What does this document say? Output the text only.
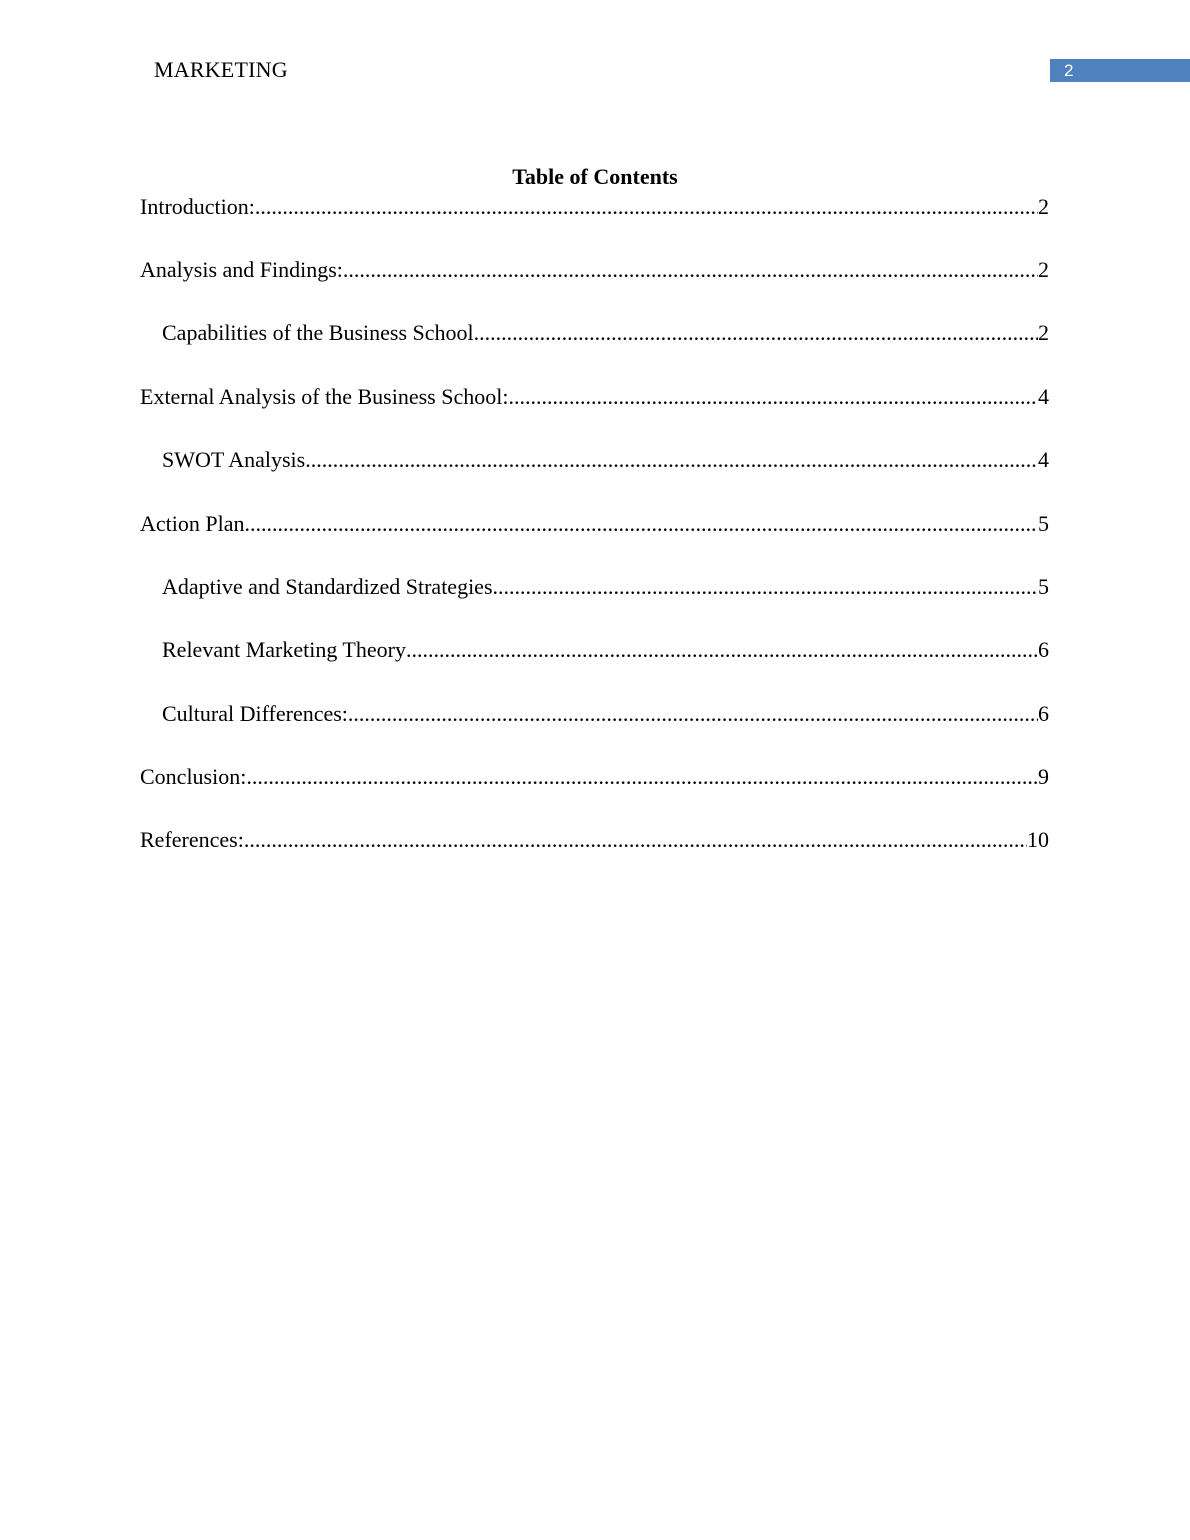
MARKETING	2
Table of Contents
Introduction: .....	2
Analysis and Findings: .....	2
Capabilities of the Business School .....	2
External Analysis of the Business School: .....	4
SWOT Analysis .....	4
Action Plan .....	5
Adaptive and Standardized Strategies .....	5
Relevant Marketing Theory .....	6
Cultural Differences: .....	6
Conclusion: .....	9
References: .....	10
